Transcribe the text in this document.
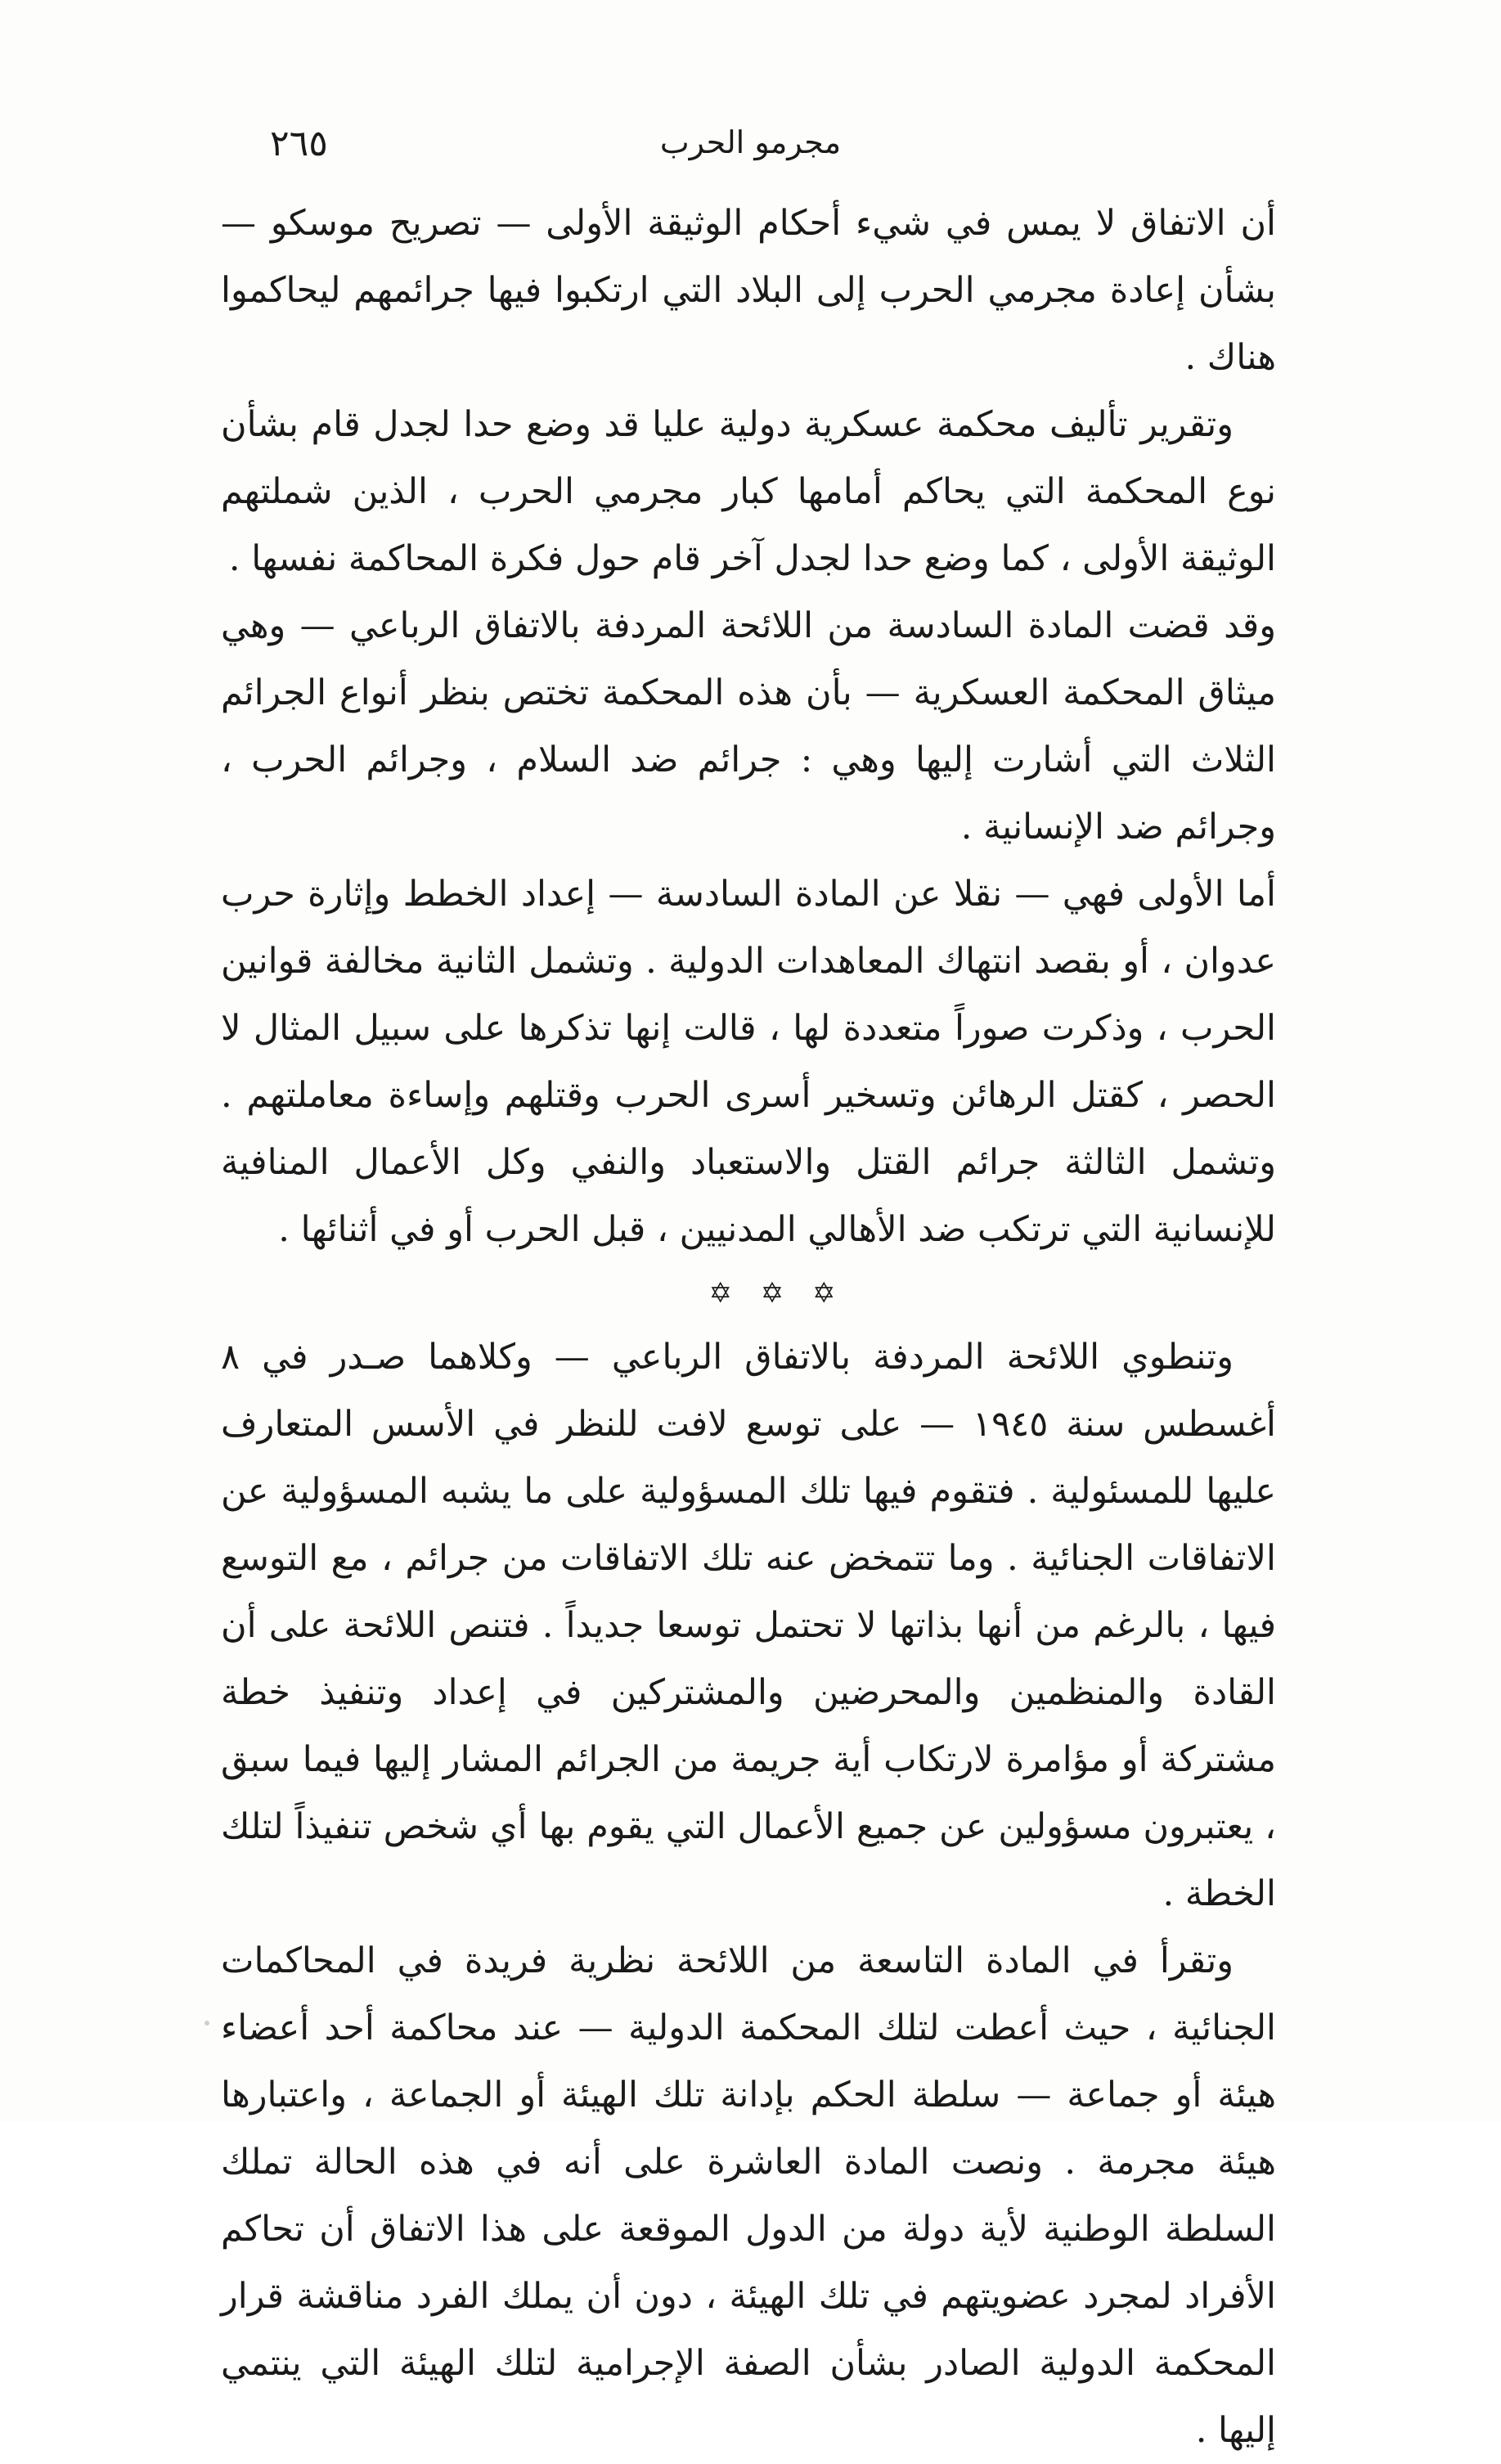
٢٦٥	مجرمو الحرب

أن الاتفاق لا يمس في شيء أحكام الوثيقة الأولى — تصريح موسكو — بشأن إعادة مجرمي الحرب إلى البلاد التي ارتكبوا فيها جرائمهم ليحاكموا هناك .

وتقرير تأليف محكمة عسكرية دولية عليا قد وضع حدا لجدل قام بشأن نوع المحكمة التي يحاكم أمامها كبار مجرمي الحرب ، الذين شملتهم الوثيقة الأولى ، كما وضع حدا لجدل آخر قام حول فكرة المحاكمة نفسها .

وقد قضت المادة السادسة من اللائحة المردفة بالاتفاق الرباعي — وهي ميثاق المحكمة العسكرية — بأن هذه المحكمة تختص بنظر أنواع الجرائم الثلاث التي أشارت إليها وهي : جرائم ضد السلام ، وجرائم الحرب ، وجرائم ضد الإنسانية .

أما الأولى فهي — نقلا عن المادة السادسة — إعداد الخطط وإثارة حرب عدوان ، أو بقصد انتهاك المعاهدات الدولية . وتشمل الثانية مخالفة قوانين الحرب ، وذكرت صوراً متعددة لها ، قالت إنها تذكرها على سبيل المثال لا الحصر ، كقتل الرهائن وتسخير أسرى الحرب وقتلهم وإساءة معاملتهم . وتشمل الثالثة جرائم القتل والاستعباد والنفي وكل الأعمال المنافية للإنسانية التي ترتكب ضد الأهالي المدنيين ، قبل الحرب أو في أثنائها .

✡ ✡ ✡

وتنطوي اللائحة المردفة بالاتفاق الرباعي — وكلاهما صـدر في ٨ أغسطس سنة ١٩٤٥ — على توسع لافت للنظر في الأسس المتعارف عليها للمسئولية . فتقوم فيها تلك المسؤولية على ما يشبه المسؤولية عن الاتفاقات الجنائية . وما تتمخض عنه تلك الاتفاقات من جرائم ، مع التوسع فيها ، بالرغم من أنها بذاتها لا تحتمل توسعا جديداً . فتنص اللائحة على أن القادة والمنظمين والمحرضين والمشتركين في إعداد وتنفيذ خطة مشتركة أو مؤامرة لارتكاب أية جريمة من الجرائم المشار إليها فيما سبق ، يعتبرون مسؤولين عن جميع الأعمال التي يقوم بها أي شخص تنفيذاً لتلك الخطة .

وتقرأ في المادة التاسعة من اللائحة نظرية فريدة في المحاكمات الجنائية ، حيث أعطت لتلك المحكمة الدولية — عند محاكمة أحد أعضاء هيئة أو جماعة — سلطة الحكم بإدانة تلك الهيئة أو الجماعة ، واعتبارها هيئة مجرمة . ونصت المادة العاشرة على أنه في هذه الحالة تملك السلطة الوطنية لأية دولة من الدول الموقعة على هذا الاتفاق أن تحاكم الأفراد لمجرد عضويتهم في تلك الهيئة ، دون أن يملك الفرد مناقشة قرار المحكمة الدولية الصادر بشأن الصفة الإجرامية لتلك الهيئة التي ينتمي إليها .
